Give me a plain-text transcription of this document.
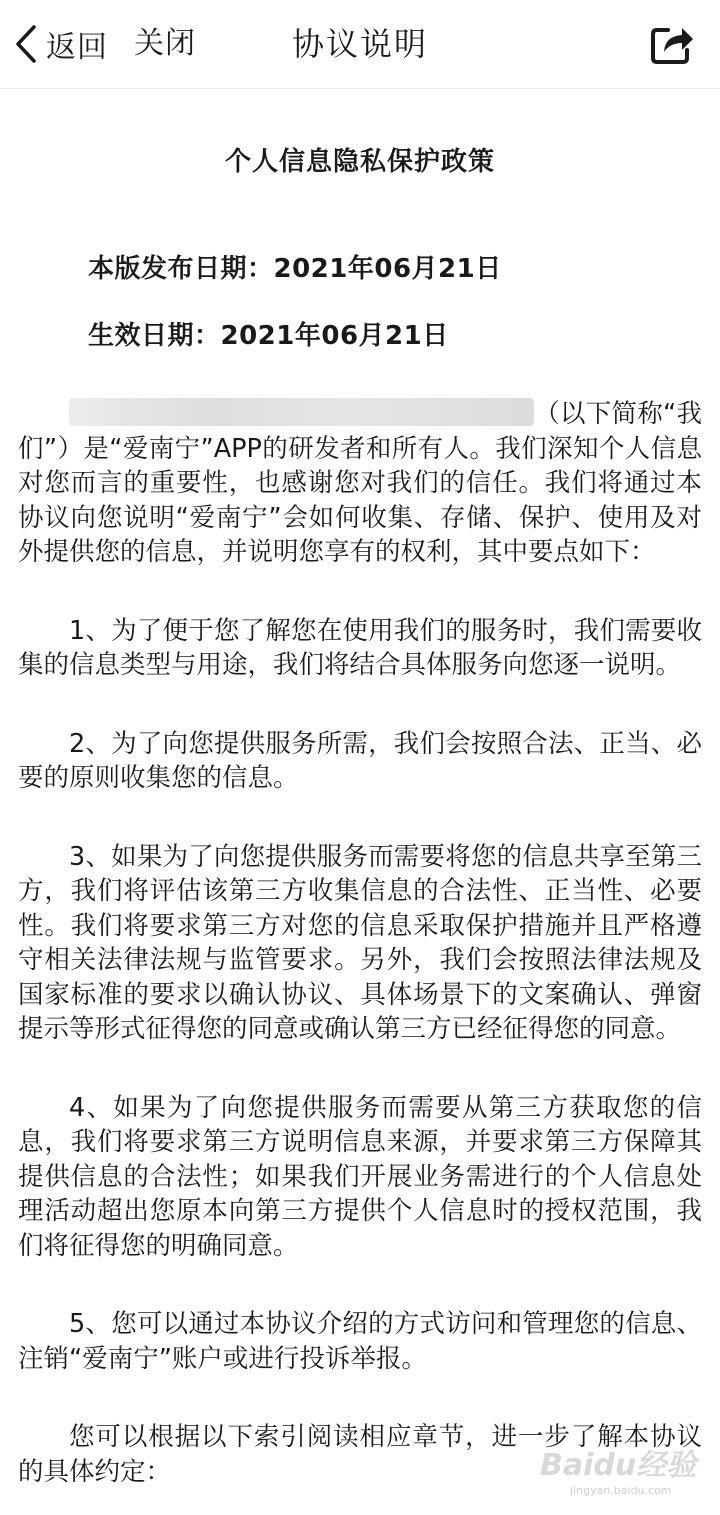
返回 关闭	协议说明
个人信息隐私保护政策
本版发布日期：2021年06月21日
生效日期：2021年06月21日

（以下简称“我们”）是“爱南宁”APP的研发者和所有人。我们深知个人信息对您而言的重要性，也感谢您对我们的信任。我们将通过本协议向您说明“爱南宁”会如何收集、存储、保护、使用及对外提供您的信息，并说明您享有的权利，其中要点如下：

1、为了便于您了解您在使用我们的服务时，我们需要收集的信息类型与用途，我们将结合具体服务向您逐一说明。

2、为了向您提供服务所需，我们会按照合法、正当、必要的原则收集您的信息。

3、如果为了向您提供服务而需要将您的信息共享至第三方，我们将评估该第三方收集信息的合法性、正当性、必要性。我们将要求第三方对您的信息采取保护措施并且严格遵守相关法律法规与监管要求。另外，我们会按照法律法规及国家标准的要求以确认协议、具体场景下的文案确认、弹窗提示等形式征得您的同意或确认第三方已经征得您的同意。

4、如果为了向您提供服务而需要从第三方获取您的信息，我们将要求第三方说明信息来源，并要求第三方保障其提供信息的合法性；如果我们开展业务需进行的个人信息处理活动超出您原本向第三方提供个人信息时的授权范围，我们将征得您的明确同意。

5、您可以通过本协议介绍的方式访问和管理您的信息、注销“爱南宁”账户或进行投诉举报。

您可以根据以下索引阅读相应章节，进一步了解本协议的具体约定：	Baidu经验
jingyan.baidu.com
